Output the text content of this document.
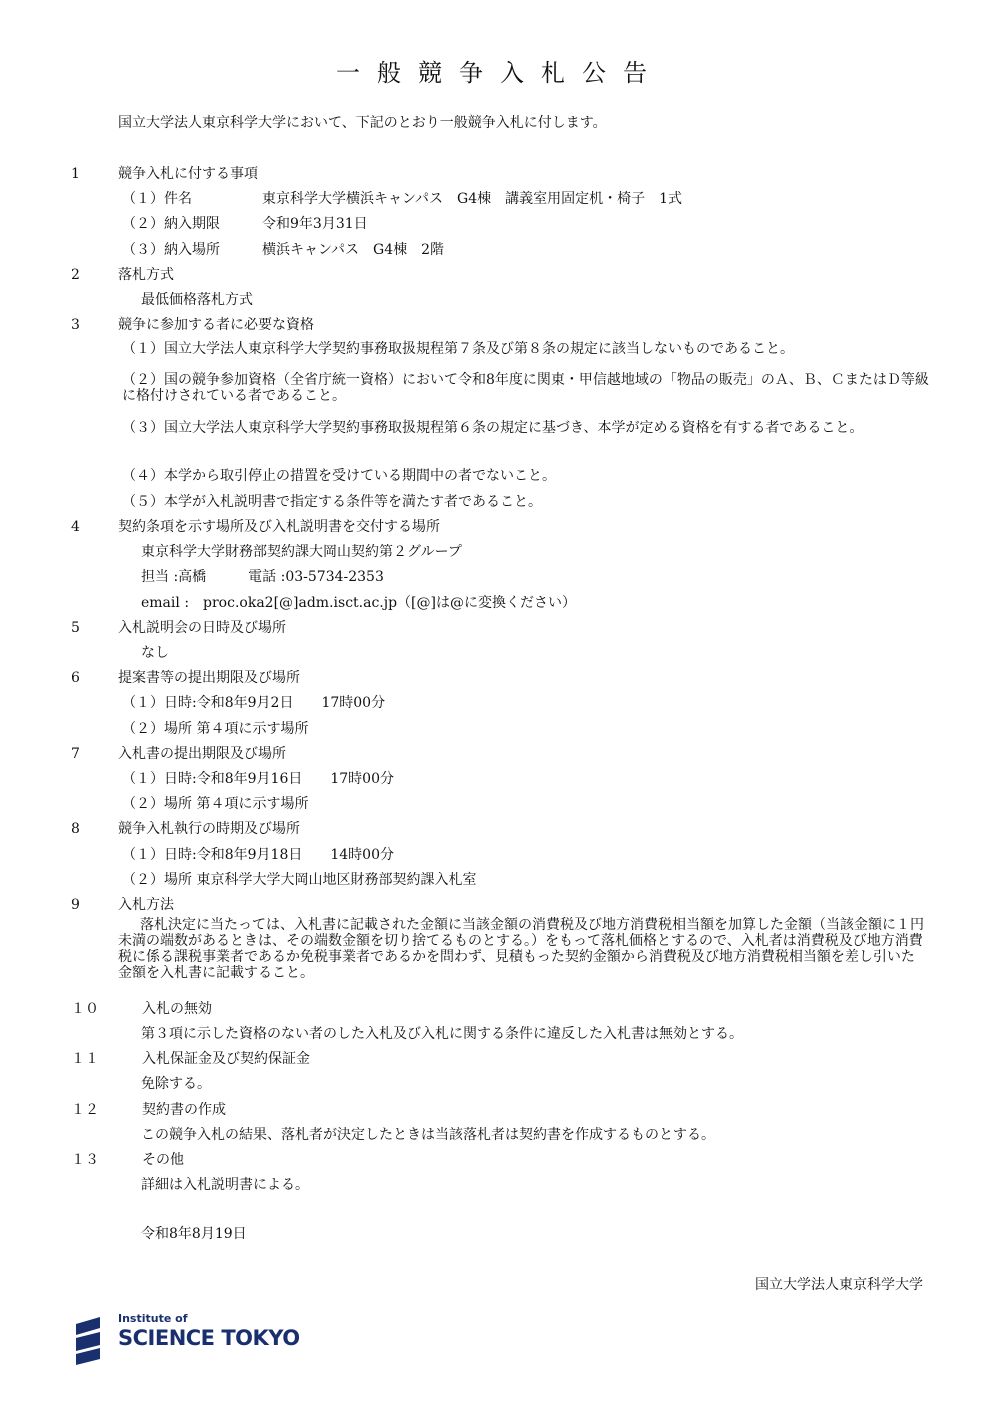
一般競争入札公告
国立大学法人東京科学大学において、下記のとおり一般競争入札に付します。
1	競争入札に付する事項
（１）件名	東京科学大学横浜キャンパス　G4棟　講義室用固定机・椅子　1式
（２）納入期限	令和9年3月31日
（３）納入場所	横浜キャンパス　G4棟　2階
2	落札方式
最低価格落札方式
3	競争に参加する者に必要な資格
（１）国立大学法人東京科学大学契約事務取扱規程第７条及び第８条の規定に該当しないものであること。
（２）国の競争参加資格（全省庁統一資格）において令和8年度に関東・甲信越地域の「物品の販売」のＡ、Ｂ、ＣまたはＤ等級に格付けされている者であること。
（３）国立大学法人東京科学大学契約事務取扱規程第６条の規定に基づき、本学が定める資格を有する者であること。
（４）本学から取引停止の措置を受けている期間中の者でないこと。
（５）本学が入札説明書で指定する条件等を満たす者であること。
4	契約条項を示す場所及び入札説明書を交付する場所
東京科学大学財務部契約課大岡山契約第２グループ
担当 :高橋　　　電話 :03-5734-2353
email :　proc.oka2[@]adm.isct.ac.jp（[@]は@に変換ください）
5	入札説明会の日時及び場所
なし
6	提案書等の提出期限及び場所
（１）日時:令和8年9月2日　　17時00分
（２）場所 第４項に示す場所
7	入札書の提出期限及び場所
（１）日時:令和8年9月16日　　17時00分
（２）場所 第４項に示す場所
8	競争入札執行の時期及び場所
（１）日時:令和8年9月18日　　14時00分
（２）場所 東京科学大学大岡山地区財務部契約課入札室
9	入札方法
落札決定に当たっては、入札書に記載された金額に当該金額の消費税及び地方消費税相当額を加算した金額（当該金額に１円未満の端数があるときは、その端数金額を切り捨てるものとする。）をもって落札価格とするので、入札者は消費税及び地方消費税に係る課税事業者であるか免税事業者であるかを問わず、見積もった契約金額から消費税及び地方消費税相当額を差し引いた金額を入札書に記載すること。
１０	入札の無効
第３項に示した資格のない者のした入札及び入札に関する条件に違反した入札書は無効とする。
１１	入札保証金及び契約保証金
免除する。
１２	契約書の作成
この競争入札の結果、落札者が決定したときは当該落札者は契約書を作成するものとする。
１３	その他
詳細は入札説明書による。
令和8年8月19日
国立大学法人東京科学大学
Institute of
SCIENCE TOKYO
